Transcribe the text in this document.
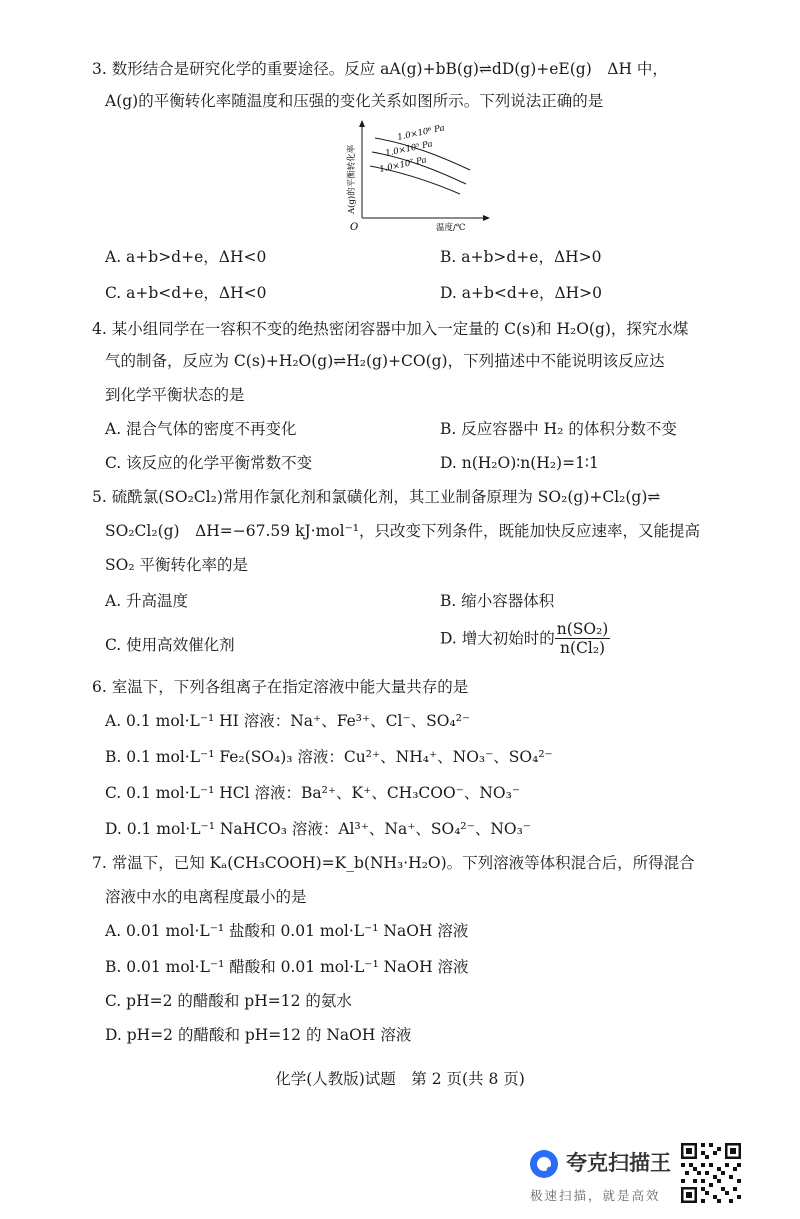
3. 数形结合是研究化学的重要途径。反应 aA(g)+bB(g)⇌dD(g)+eE(g)　ΔH 中，
A(g)的平衡转化率随温度和压强的变化关系如图所示。下列说法正确的是
1.0×10⁶ Pa
1.0×10⁵ Pa
1.0×10⁷ Pa
A(g)的平衡转化率
温度/℃
O
A. a+b>d+e，ΔH<0	B. a+b>d+e，ΔH>0
C. a+b<d+e，ΔH<0	D. a+b<d+e，ΔH>0
4. 某小组同学在一容积不变的绝热密闭容器中加入一定量的 C(s)和 H₂O(g)，探究水煤
气的制备，反应为 C(s)+H₂O(g)⇌H₂(g)+CO(g)，下列描述中不能说明该反应达
到化学平衡状态的是
A. 混合气体的密度不再变化	B. 反应容器中 H₂ 的体积分数不变
C. 该反应的化学平衡常数不变	D. n(H₂O)∶n(H₂)=1∶1
5. 硫酰氯(SO₂Cl₂)常用作氯化剂和氯磺化剂，其工业制备原理为 SO₂(g)+Cl₂(g)⇌
SO₂Cl₂(g)　ΔH=−67.59 kJ·mol⁻¹，只改变下列条件，既能加快反应速率，又能提高
SO₂ 平衡转化率的是
A. 升高温度	B. 缩小容器体积
C. 使用高效催化剂	D. 增大初始时的 $\frac{\text{n(SO₂)}}{\text{n(Cl₂)}}$
6. 室温下，下列各组离子在指定溶液中能大量共存的是
A. 0.1 mol·L⁻¹ HI 溶液：Na⁺、Fe³⁺、Cl⁻、SO₄²⁻
B. 0.1 mol·L⁻¹ Fe₂(SO₄)₃ 溶液：Cu²⁺、NH₄⁺、NO₃⁻、SO₄²⁻
C. 0.1 mol·L⁻¹ HCl 溶液：Ba²⁺、K⁺、CH₃COO⁻、NO₃⁻
D. 0.1 mol·L⁻¹ NaHCO₃ 溶液：Al³⁺、Na⁺、SO₄²⁻、NO₃⁻
7. 常温下，已知 Kₐ(CH₃COOH)=K_b(NH₃·H₂O)。下列溶液等体积混合后，所得混合
溶液中水的电离程度最小的是
A. 0.01 mol·L⁻¹ 盐酸和 0.01 mol·L⁻¹ NaOH 溶液
B. 0.01 mol·L⁻¹ 醋酸和 0.01 mol·L⁻¹ NaOH 溶液
C. pH=2 的醋酸和 pH=12 的氨水
D. pH=2 的醋酸和 pH=12 的 NaOH 溶液
化学(人教版)试题　第 2 页(共 8 页)
夸克扫描王
极速扫描，就是高效
